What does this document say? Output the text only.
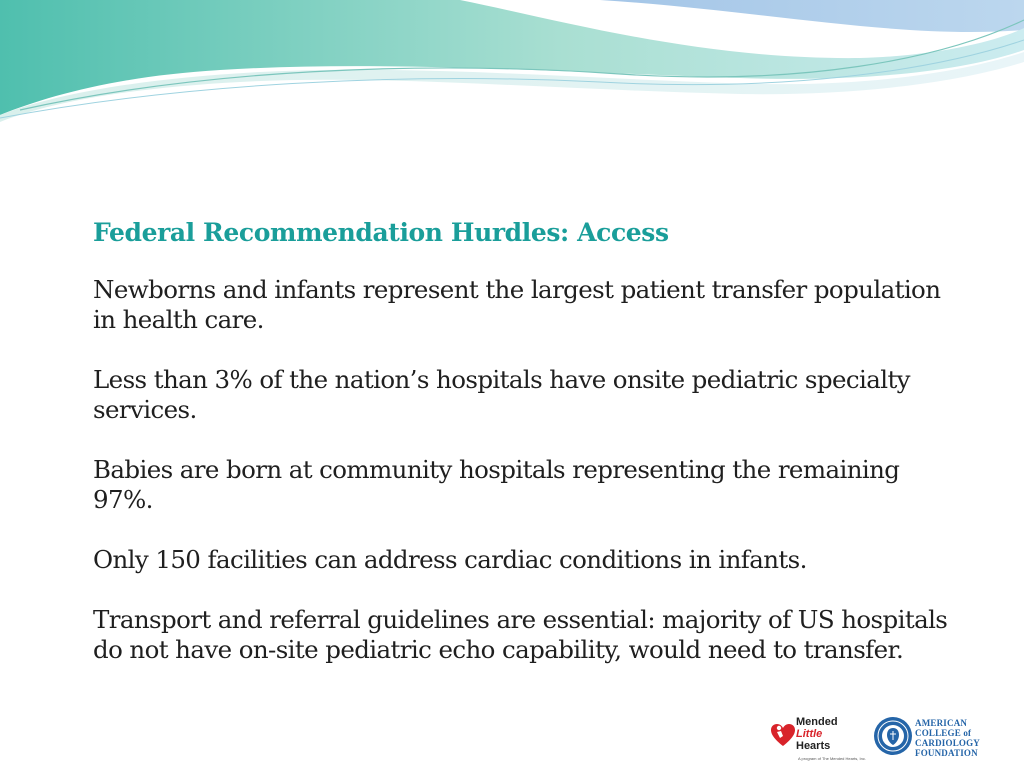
Federal Recommendation Hurdles: Access
Newborns and infants represent the largest patient transfer population in health care.
Less than 3% of the nation’s hospitals have onsite pediatric specialty services.
Babies are born at community hospitals representing the remaining 97%.
Only 150 facilities can address cardiac conditions in infants.
Transport and referral guidelines are essential: majority of US hospitals do not have on-site pediatric echo capability, would need to transfer.
Mended
Little
Hearts
A program of The Mended Hearts, Inc.
AMERICAN
COLLEGE of
CARDIOLOGY
FOUNDATION
